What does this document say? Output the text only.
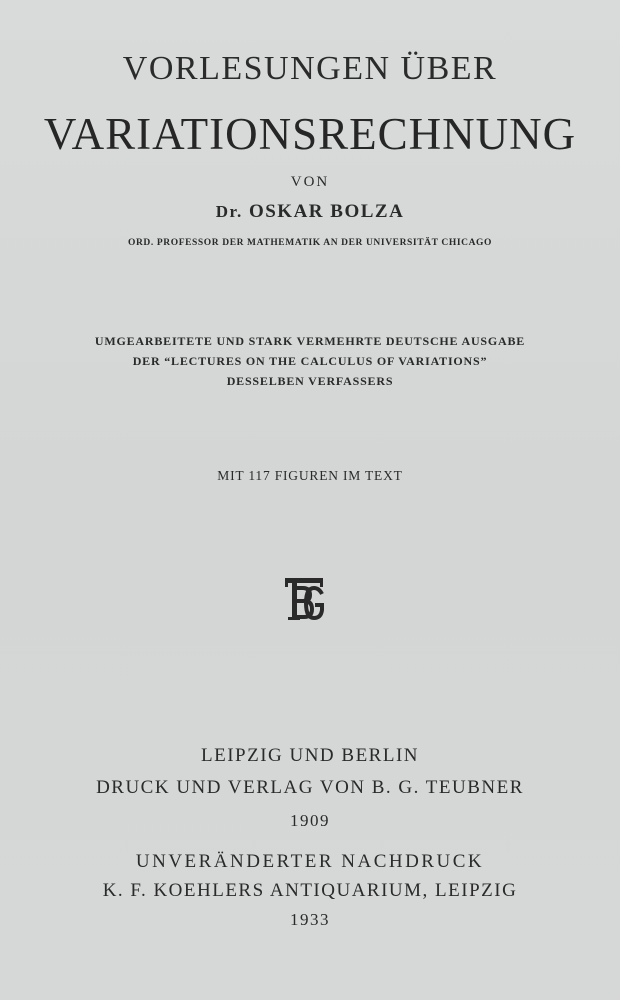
VORLESUNGEN ÜBER
VARIATIONSRECHNUNG
VON
Dr. OSKAR BOLZA
ORD. PROFESSOR DER MATHEMATIK AN DER UNIVERSITÄT CHICAGO
UMGEARBEITETE UND STARK VERMEHRTE DEUTSCHE AUSGABE
DER “LECTURES ON THE CALCULUS OF VARIATIONS”
DESSELBEN VERFASSERS
MIT 117 FIGUREN IM TEXT
LEIPZIG UND BERLIN
DRUCK UND VERLAG VON B. G. TEUBNER
1909
UNVERÄNDERTER NACHDRUCK
K. F. KOEHLERS ANTIQUARIUM, LEIPZIG
1933
